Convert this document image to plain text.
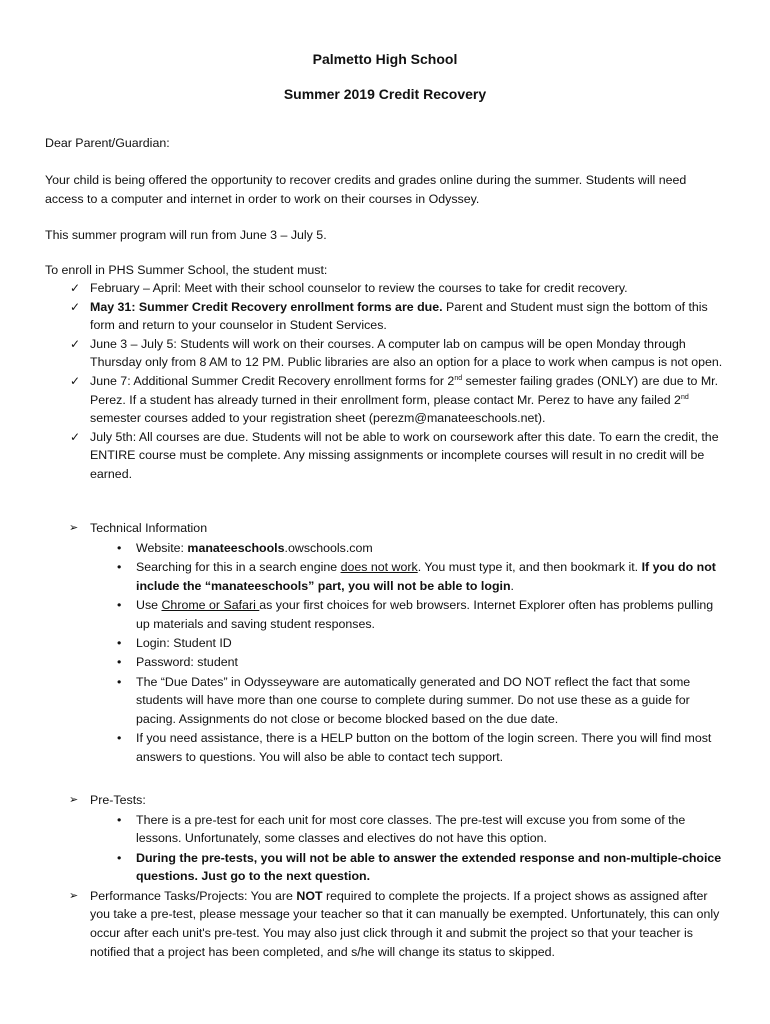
Palmetto High School
Summer 2019 Credit Recovery

Dear Parent/Guardian:

Your child is being offered the opportunity to recover credits and grades online during the summer. Students will need access to a computer and internet in order to work on their courses in Odyssey.

This summer program will run from June 3 – July 5.

To enroll in PHS Summer School, the student must:

✓ February – April: Meet with their school counselor to review the courses to take for credit recovery.
✓ May 31: Summer Credit Recovery enrollment forms are due. Parent and Student must sign the bottom of this form and return to your counselor in Student Services.
✓ June 3 – July 5: Students will work on their courses. A computer lab on campus will be open Monday through Thursday only from 8 AM to 12 PM. Public libraries are also an option for a place to work when campus is not open.
✓ June 7: Additional Summer Credit Recovery enrollment forms for 2nd semester failing grades (ONLY) are due to Mr. Perez. If a student has already turned in their enrollment form, please contact Mr. Perez to have any failed 2nd semester courses added to your registration sheet (perezm@manateeschools.net).
✓ July 5th: All courses are due. Students will not be able to work on coursework after this date. To earn the credit, the ENTIRE course must be complete. Any missing assignments or incomplete courses will result in no credit will be earned.
➢ Technical Information
• Website: manateeschools.owschools.com
• Searching for this in a search engine does not work. You must type it, and then bookmark it. If you do not include the “manateeschools” part, you will not be able to login.
• Use Chrome or Safari as your first choices for web browsers. Internet Explorer often has problems pulling up materials and saving student responses.
• Login: Student ID
• Password: student
• The “Due Dates” in Odysseyware are automatically generated and DO NOT reflect the fact that some students will have more than one course to complete during summer. Do not use these as a guide for pacing. Assignments do not close or become blocked based on the due date.
• If you need assistance, there is a HELP button on the bottom of the login screen. There you will find most answers to questions. You will also be able to contact tech support.
➢ Pre-Tests:
• There is a pre-test for each unit for most core classes. The pre-test will excuse you from some of the lessons. Unfortunately, some classes and electives do not have this option.
• During the pre-tests, you will not be able to answer the extended response and non-multiple-choice questions. Just go to the next question.
➢ Performance Tasks/Projects: You are NOT required to complete the projects. If a project shows as assigned after you take a pre-test, please message your teacher so that it can manually be exempted. Unfortunately, this can only occur after each unit's pre-test. You may also just click through it and submit the project so that your teacher is notified that a project has been completed, and s/he will change its status to skipped.
